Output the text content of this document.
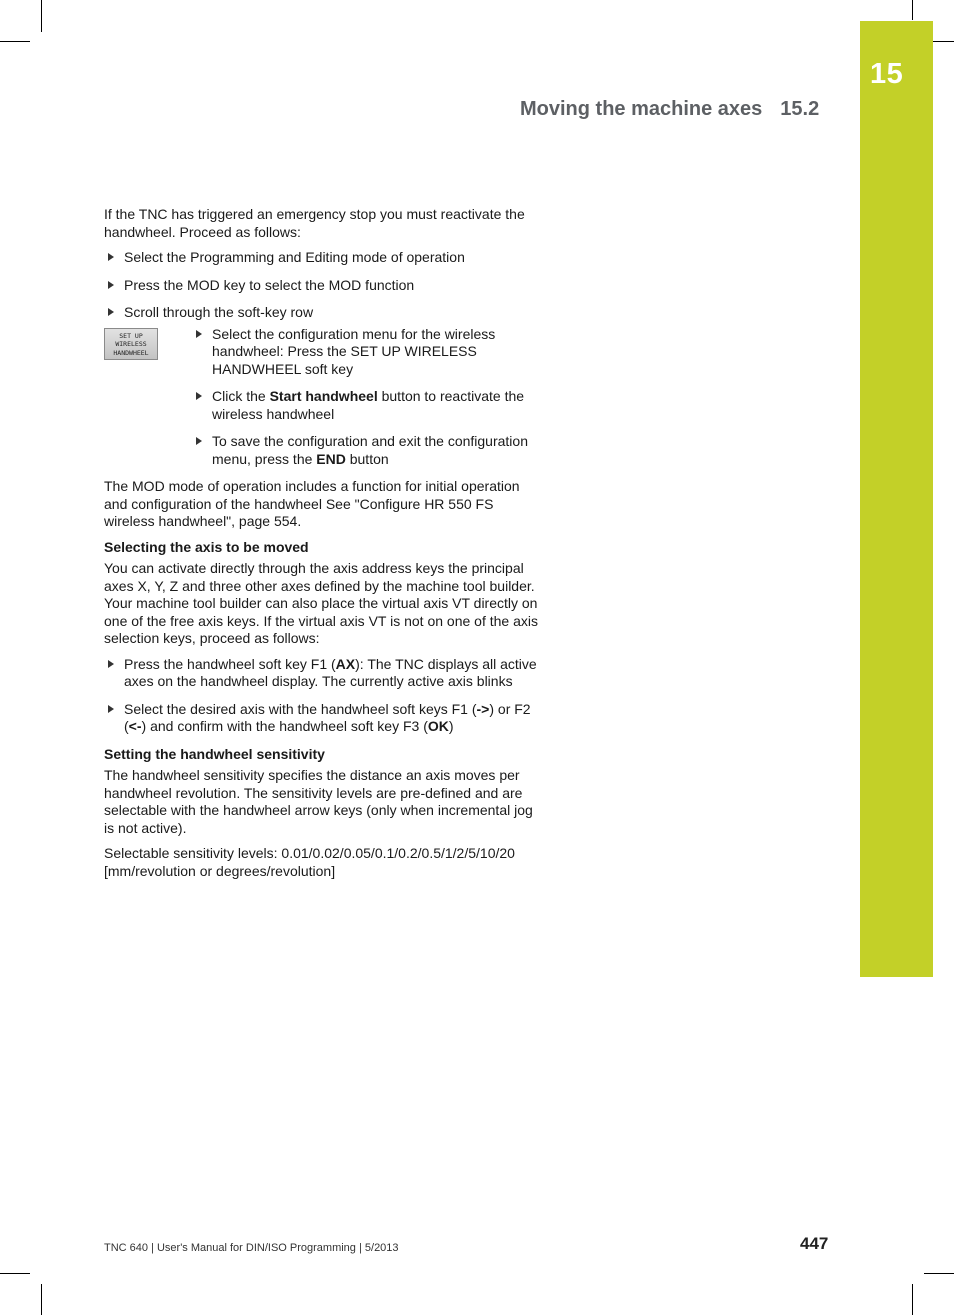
15
Moving the machine axes 15.2

If the TNC has triggered an emergency stop you must reactivate the handwheel. Proceed as follows:

Select the Programming and Editing mode of operation
Press the MOD key to select the MOD function
Scroll through the soft-key row
SET UP
WIRELESS
HANDWHEEL
Select the configuration menu for the wireless handwheel: Press the SET UP WIRELESS HANDWHEEL soft key
Click the Start handwheel button to reactivate the wireless handwheel
To save the configuration and exit the configuration menu, press the END button

The MOD mode of operation includes a function for initial operation and configuration of the handwheel See "Configure HR 550 FS wireless handwheel", page 554.

Selecting the axis to be moved

You can activate directly through the axis address keys the principal axes X, Y, Z and three other axes defined by the machine tool builder. Your machine tool builder can also place the virtual axis VT directly on one of the free axis keys. If the virtual axis VT is not on one of the axis selection keys, proceed as follows:

Press the handwheel soft key F1 (AX): The TNC displays all active axes on the handwheel display. The currently active axis blinks
Select the desired axis with the handwheel soft keys F1 (->) or F2 (<-) and confirm with the handwheel soft key F3 (OK)
Setting the handwheel sensitivity

The handwheel sensitivity specifies the distance an axis moves per handwheel revolution. The sensitivity levels are pre-defined and are selectable with the handwheel arrow keys (only when incremental jog is not active).

Selectable sensitivity levels: 0.01/0.02/0.05/0.1/0.2/0.5/1/2/5/10/20 [mm/revolution or degrees/revolution]

TNC 640 | User's Manual for DIN/ISO Programming | 5/2013	447
